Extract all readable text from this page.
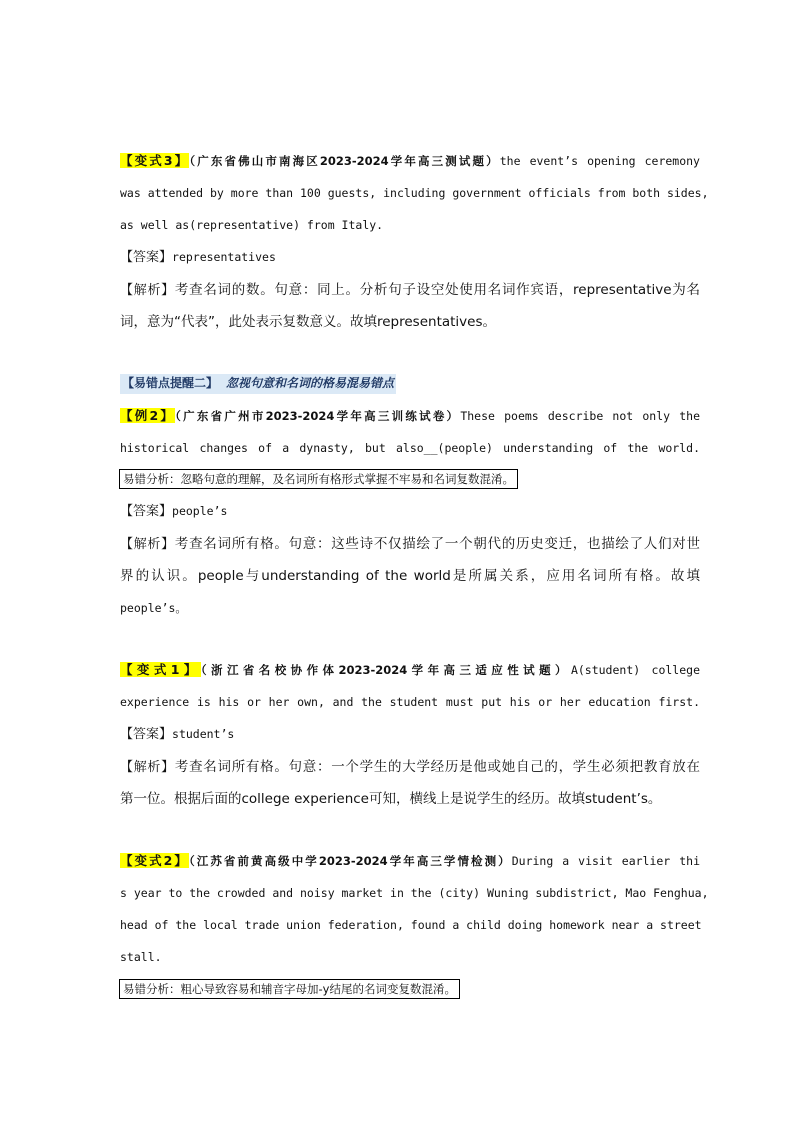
【变式3】（广东省佛山市南海区2023-2024学年高三测试题）the event’s opening ceremony
was attended by more than 100 guests, including government officials from both sides,
as well as(representative) from Italy.
【答案】representatives
【解析】考查名词的数。句意：同上。分析句子设空处使用名词作宾语，representative为名
词，意为“代表”，此处表示复数意义。故填representatives。
【易错点提醒二】 忽视句意和名词的格易混易错点
【例2】（广东省广州市2023-2024学年高三训练试卷）These poems describe not only the
historical changes of a dynasty, but also__(people) understanding of the world.
易错分析：忽略句意的理解，及名词所有格形式掌握不牢易和名词复数混淆。
【答案】people’s
【解析】考查名词所有格。句意：这些诗不仅描绘了一个朝代的历史变迁，也描绘了人们对世
界的认识。people与understanding of the world是所属关系，应用名词所有格。故填
people’s。
【变式1】（浙江省名校协作体2023-2024学年高三适应性试题）A(student) college
experience is his or her own, and the student must put his or her education first.
【答案】student’s
【解析】考查名词所有格。句意：一个学生的大学经历是他或她自己的，学生必须把教育放在
第一位。根据后面的college experience可知，横线上是说学生的经历。故填student’s。
【变式2】（江苏省前黄高级中学2023-2024学年高三学情检测）During a visit earlier thi
s year to the crowded and noisy market in the (city) Wuning subdistrict, Mao Fenghua,
head of the local trade union federation, found a child doing homework near a street
stall.
易错分析：粗心导致容易和辅音字母加-y结尾的名词变复数混淆。
